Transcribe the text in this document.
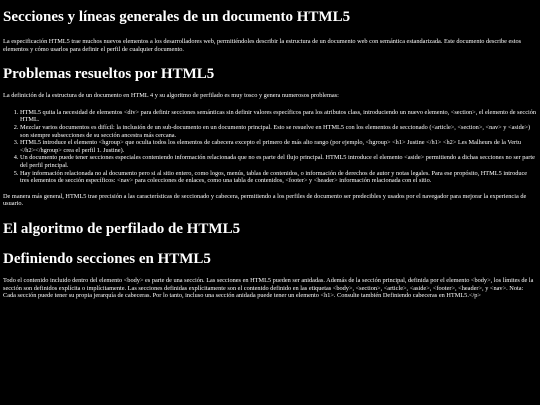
Secciones y líneas generales de un documento HTML5

La especificación HTML5 trae muchos nuevos elementos a los desarrolladores web, permitiéndoles describir la estructura de un documento web con semántica estandarizada. Este documento describe estos elementos y cómo usarlos para definir el perfil de cualquier documento.

Problemas resueltos por HTML5

La definición de la estructura de un documento en HTML 4 y su algoritmo de perfilado es muy tosco y genera numerosos problemas:

1. HTML5 quita la necesidad de elementos <div> para definir secciones semánticas sin definir valores específicos para los atributos class, introduciendo un nuevo elemento, <section>, el elemento de sección HTML.
2. Mezclar varios documentos es difícil: la inclusión de un sub-documento en un documento principal. Esto se resuelve en HTML5 con los elementos de seccionado (<article>, <section>, <nav> y <aside>) son siempre subsecciones de su sección ancestra más cercana.
3. HTML5 introduce el elemento <hgroup> que oculta todos los elementos de cabecera excepto el primero de más alto rango (por ejemplo, <hgroup> <h1> Justine </h1> <h2> Les Malheurs de la Vertu </h2></hgroup> crea el perfil 1. Justine).
4. Un documento puede tener secciones especiales conteniendo información relacionada que no es parte del flujo principal. HTML5 introduce el elemento <aside> permitiendo a dichas secciones no ser parte del perfil principal.
5. Hay información relacionada no al documento pero si al sitio entero, como logos, menús, tablas de contenidos, o información de derechos de autor y notas legales. Para ese propósito, HTML5 introduce tres elementos de sección específicos: <nav> para colecciones de enlaces, como una tabla de contenidos, <footer> y <header> información relacionada con el sitio.

De manera más general, HTML5 trae precisión a las características de seccionado y cabecera, permitiendo a los perfiles de documento ser predecibles y usados por el navegador para mejorar la experiencia de usuario.

El algoritmo de perfilado de HTML5
Definiendo secciones en HTML5

Todo el contenido incluido dentro del elemento <body> es parte de una sección. Las secciones en HTML5 pueden ser anidadas. Además de la sección principal, definida por el elemento <body>, los límites de la sección son definidos explícita o implícitamente. Las secciones definidas explícitamente son el contenido definido en las etiquetas <body>, <section>, <article>, <aside>, <footer>, <header>, y <nav>. Nota: Cada sección puede tener su propia jerarquía de cabeceras. Por lo tanto, incluso una sección anidada puede tener un elemento <h1>. Consulte también Definiendo cabeceras en HTML5.</p>
